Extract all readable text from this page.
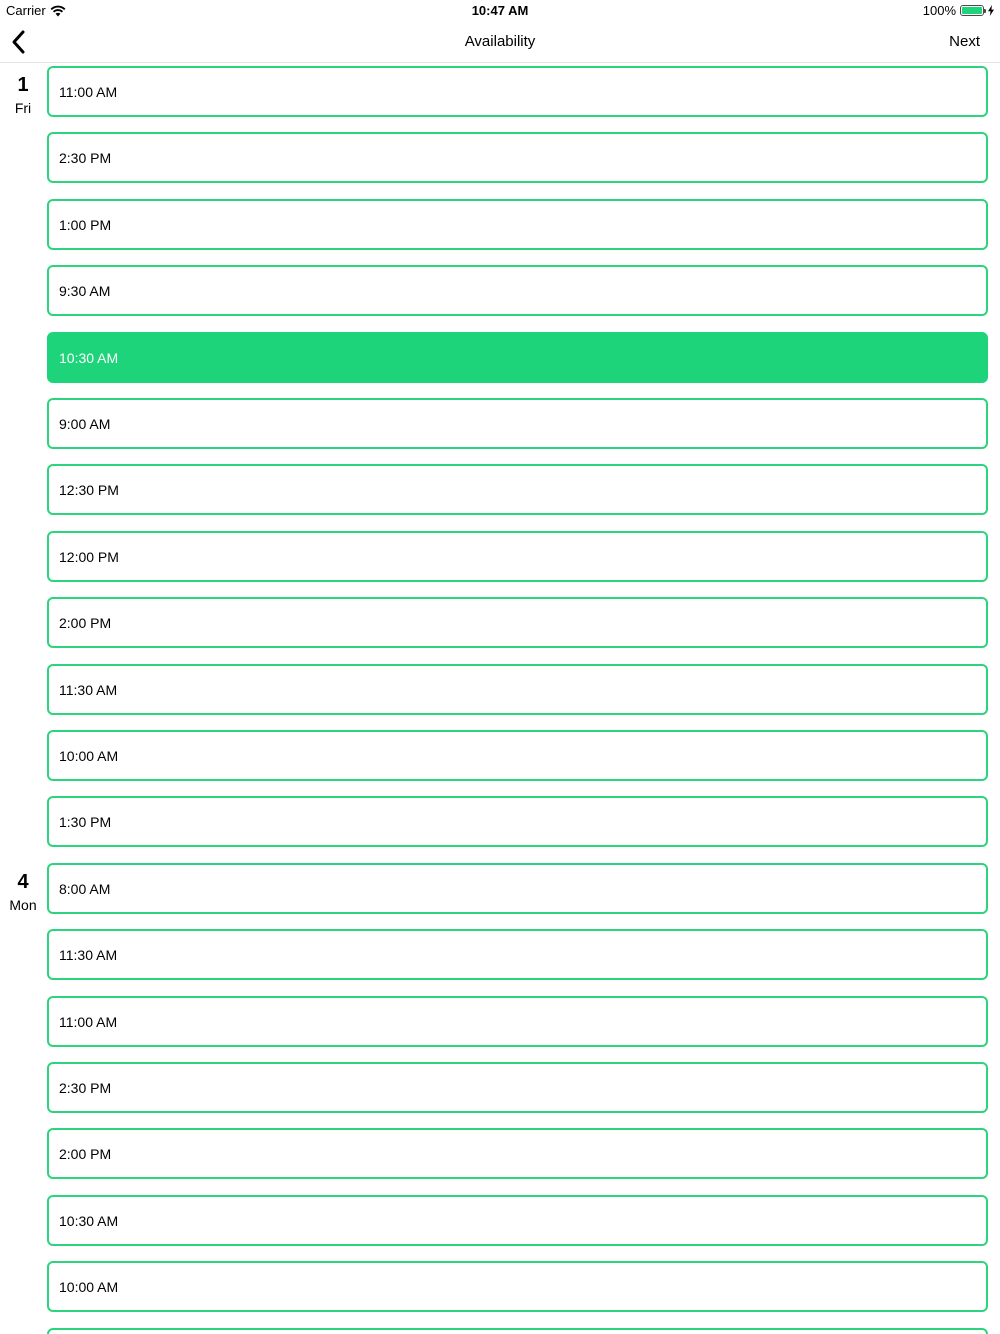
Carrier	10:47 AM	100%
Availability	Next
1
Fri
11:00 AM
2:30 PM
1:00 PM
9:30 AM
10:30 AM
9:00 AM
12:30 PM
12:00 PM
2:00 PM
11:30 AM
10:00 AM
1:30 PM
4
Mon
8:00 AM
11:30 AM
11:00 AM
2:30 PM
2:00 PM
10:30 AM
10:00 AM
